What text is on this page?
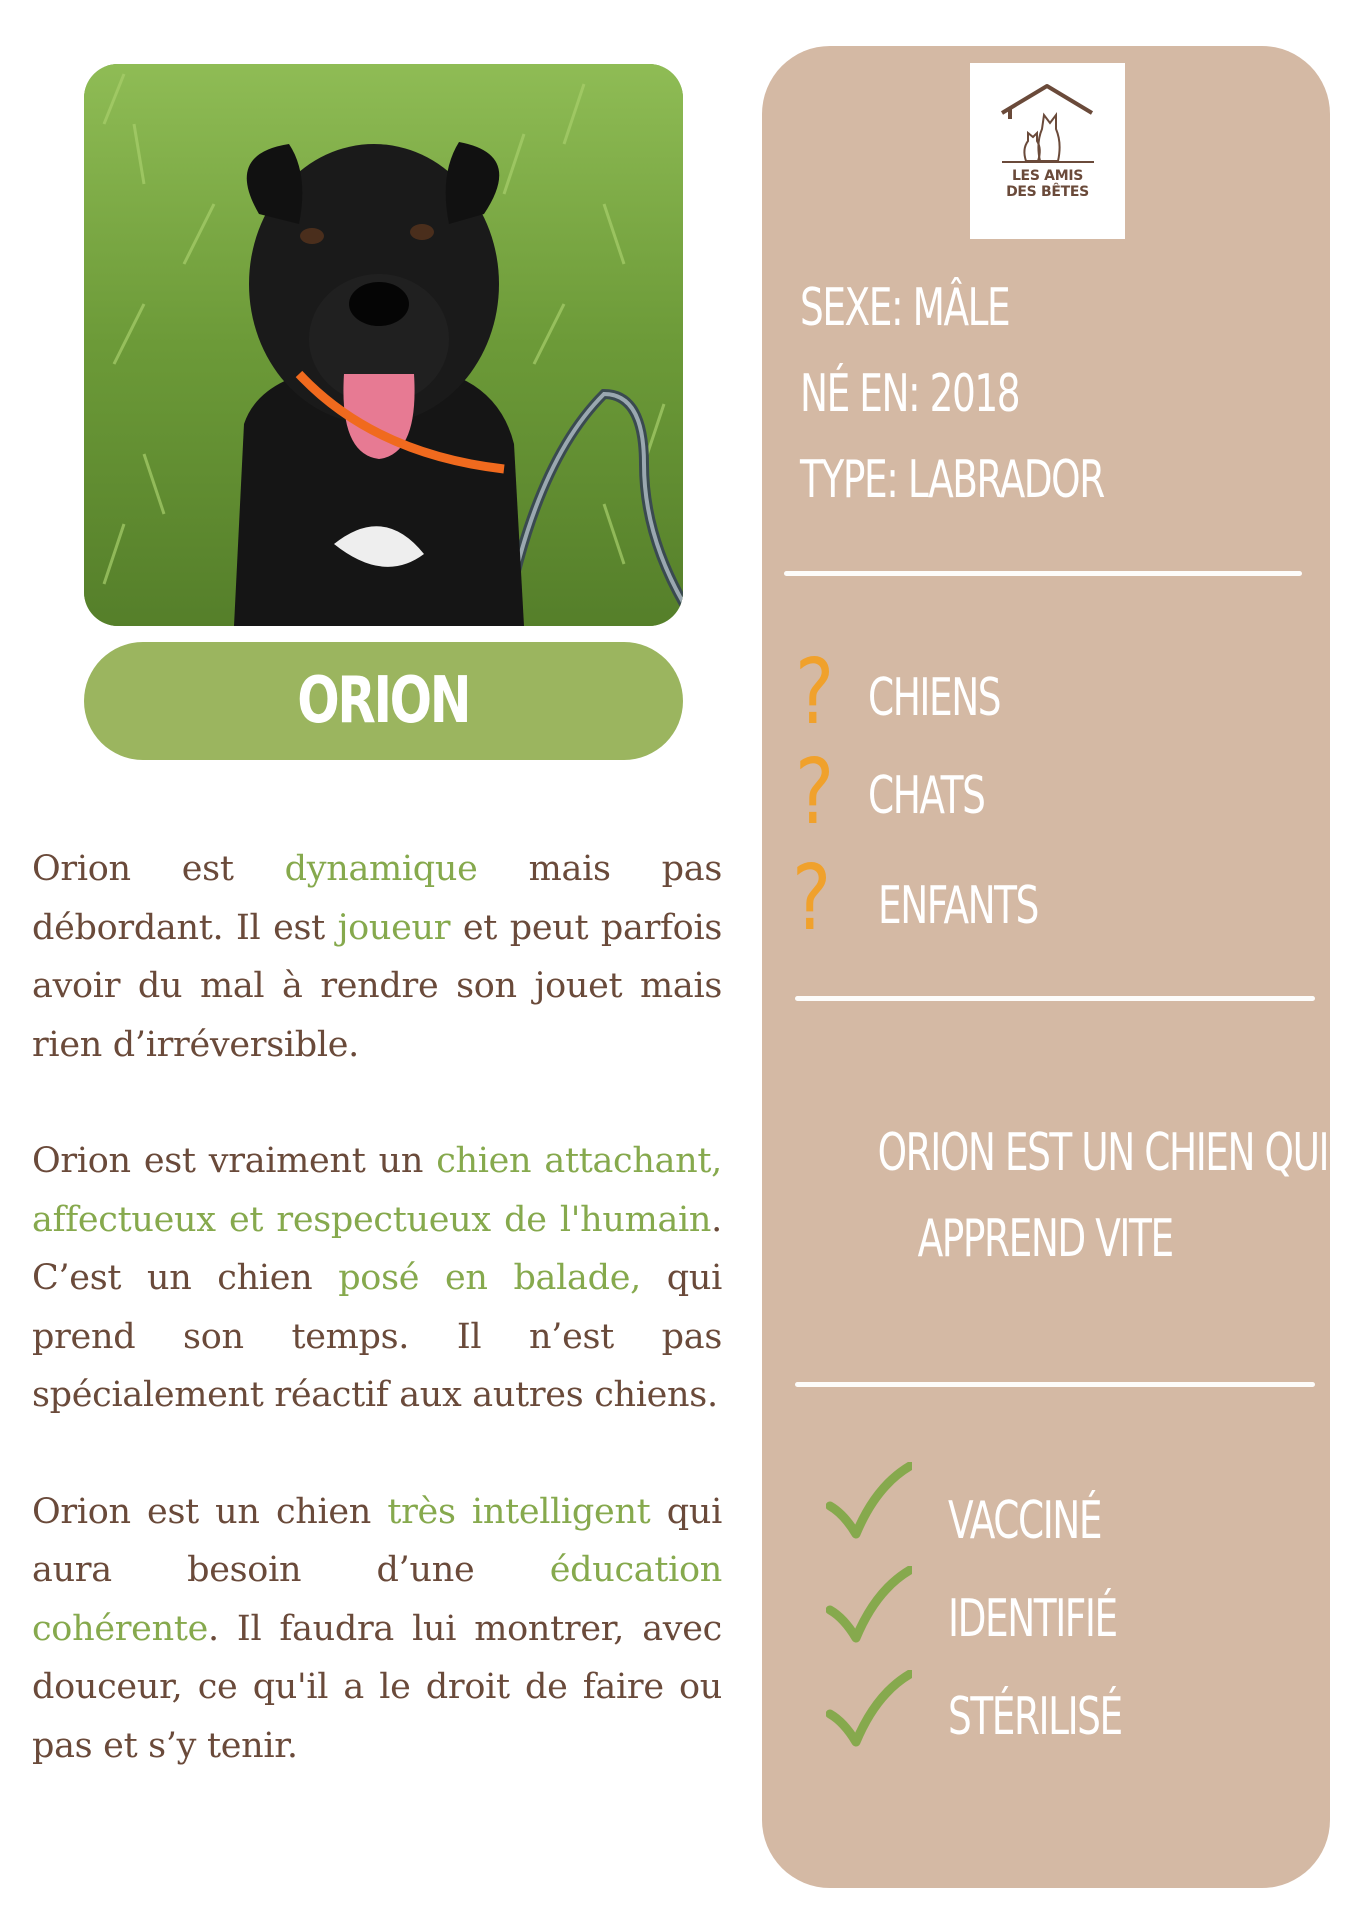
ORION

Orion est dynamique mais pas débordant. Il est joueur et peut parfois avoir du mal à rendre son jouet mais rien d’irréversible.

Orion est vraiment un chien attachant, affectueux et respectueux de l'humain. C’est un chien posé en balade, qui prend son temps. Il n’est pas spécialement réactif aux autres chiens.

Orion est un chien très intelligent qui aura besoin d’une éducation cohérente. Il faudra lui montrer, avec douceur, ce qu'il a le droit de faire ou pas et s’y tenir.

LES AMIS
DES BÊTES
SEXE: MÂLE
NÉ EN: 2018
TYPE: LABRADOR
? CHIENS
? CHATS
? ENFANTS
ORION EST UN CHIEN QUI
APPREND VITE
VACCINÉ
IDENTIFIÉ
STÉRILISÉ
